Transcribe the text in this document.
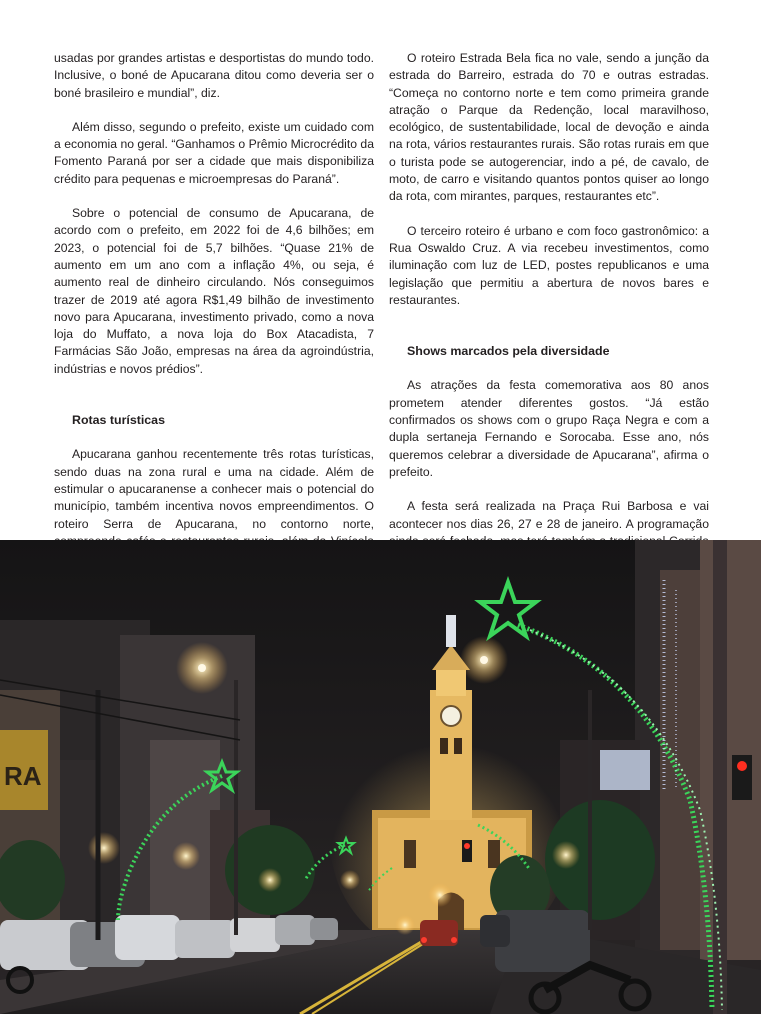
usadas por grandes artistas e desportistas do mundo todo. Inclusive, o boné de Apucarana ditou como deveria ser o boné brasileiro e mundial”, diz.

Além disso, segundo o prefeito, existe um cuidado com a economia no geral. “Ganhamos o Prêmio Microcrédito da Fomento Paraná por ser a cidade que mais disponibiliza crédito para pequenas e microempresas do Paraná”.

Sobre o potencial de consumo de Apucarana, de acordo com o prefeito, em 2022 foi de 4,6 bilhões; em 2023, o potencial foi de 5,7 bilhões. “Quase 21% de aumento em um ano com a inflação 4%, ou seja, é aumento real de dinheiro circulando. Nós conseguimos trazer de 2019 até agora R$1,49 bilhão de investimento novo para Apucarana, investimento privado, como a nova loja do Muffato, a nova loja do Box Atacadista, 7 Farmácias São João, empresas na área da agroindústria, indústrias e novos prédios”.

Rotas turísticas

Apucarana ganhou recentemente três rotas turísticas, sendo duas na zona rural e uma na cidade. Além de estimular o apucaranense a conhecer mais o potencial do município, também incentiva novos empreendimentos. O roteiro Serra de Apucarana, no contorno norte,

O roteiro Estrada Bela fica no vale, sendo a junção da estrada do Barreiro, estrada do 70 e outras estradas. “Começa no contorno norte e tem como primeira grande atração o Parque da Redenção, local maravilhoso, ecológico, de sustentabilidade, local de devoção e ainda na rota, vários restaurantes rurais. São rotas rurais em que o turista pode se autogerenciar, indo a pé, de cavalo, de moto, de carro e visitando quantos pontos quiser ao longo da rota, com mirantes, parques, restaurantes etc”.

O terceiro roteiro é urbano e com foco gastronômico: a Rua Oswaldo Cruz. A via recebeu investimentos, como iluminação com luz de LED, postes republicanos e uma legislação que permitiu a abertura de novos bares e restaurantes.

Shows marcados pela diversidade

As atrações da festa comemorativa aos 80 anos prometem atender diferentes gostos. “Já estão confirmados os shows com o grupo Raça Negra e com a dupla sertaneja Fernando e Sorocaba. Esse ano, nós queremos celebrar a diversidade de Apucarana”, afirma o prefeito.

A festa será realizada na Praça Rui Barbosa e vai acontecer nos dias 26, 27 e 28 de janeiro. A programação

RA
